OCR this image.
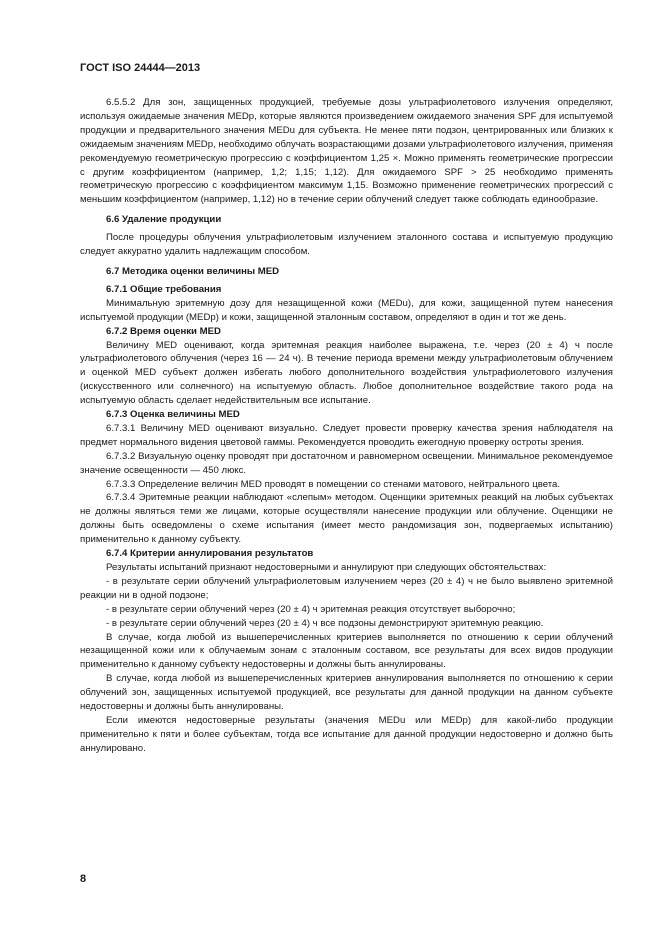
ГОСТ ISO 24444—2013

6.5.5.2 Для зон, защищенных продукцией, требуемые дозы ультрафиолетового излучения определяют, используя ожидаемые значения MEDp, которые являются произведением ожидаемого значения SPF для испытуемой продукции и предварительного значения MEDu для субъекта. Не менее пяти подзон, центрированных или близких к ожидаемым значениям MEDp, необходимо облучать возрастающими дозами ультрафиолетового излучения, применяя рекомендуемую геометрическую прогрессию с коэффициентом 1,25 ×. Можно применять геометрические прогрессии с другим коэффициентом (например, 1,2; 1,15; 1,12). Для ожидаемого SPF > 25 необходимо применять геометрическую прогрессию с коэффициентом максимум 1,15. Возможно применение геометрических прогрессий с меньшим коэффициентом (например, 1,12) но в течение серии облучений следует также соблюдать единообразие.

6.6 Удаление продукции

После процедуры облучения ультрафиолетовым излучением эталонного состава и испытуемую продукцию следует аккуратно удалить надлежащим способом.

6.7 Методика оценки величины MED

6.7.1 Общие требования

Минимальную эритемную дозу для незащищенной кожи (MEDu), для кожи, защищенной путем нанесения испытуемой продукции (MEDp) и кожи, защищенной эталонным составом, определяют в один и тот же день.

6.7.2 Время оценки MED

Величину MED оценивают, когда эритемная реакция наиболее выражена, т.е. через (20 ± 4) ч после ультрафиолетового облучения (через 16 — 24 ч). В течение периода времени между ультрафиолетовым облучением и оценкой MED субъект должен избегать любого дополнительного воздействия ультрафиолетового излучения (искусственного или солнечного) на испытуемую область. Любое дополнительное воздействие такого рода на испытуемую область сделает недействительным все испытание.

6.7.3 Оценка величины MED

6.7.3.1 Величину MED оценивают визуально. Следует провести проверку качества зрения наблюдателя на предмет нормального видения цветовой гаммы. Рекомендуется проводить ежегодную проверку остроты зрения.

6.7.3.2 Визуальную оценку проводят при достаточном и равномерном освещении. Минимальное рекомендуемое значение освещенности — 450 люкс.

6.7.3.3 Определение величин MED проводят в помещении со стенами матового, нейтрального цвета.

6.7.3.4 Эритемные реакции наблюдают «слепым» методом. Оценщики эритемных реакций на любых субъектах не должны являться теми же лицами, которые осуществляли нанесение продукции или облучение. Оценщики не должны быть осведомлены о схеме испытания (имеет место рандомизация зон, подвергаемых испытанию) применительно к данному субъекту.

6.7.4 Критерии аннулирования результатов

Результаты испытаний признают недостоверными и аннулируют при следующих обстоятельствах:

- в результате серии облучений ультрафиолетовым излучением через (20 ± 4) ч не было выявлено эритемной реакции ни в одной подзоне;

- в результате серии облучений через (20 ± 4) ч эритемная реакция отсутствует выборочно;

- в результате серии облучений через (20 ± 4) ч все подзоны демонстрируют эритемную реакцию.

В случае, когда любой из вышеперечисленных критериев выполняется по отношению к серии облучений незащищенной кожи или к облучаемым зонам с эталонным составом, все результаты для всех видов продукции применительно к данному субъекту недостоверны и должны быть аннулированы.

В случае, когда любой из вышеперечисленных критериев аннулирования выполняется по отношению к серии облучений зон, защищенных испытуемой продукцией, все результаты для данной продукции на данном субъекте недостоверны и должны быть аннулированы.

Если имеются недостоверные результаты (значения MEDu или MEDp) для какой-либо продукции применительно к пяти и более субъектам, тогда все испытание для данной продукции недостоверно и должно быть аннулировано.

8
